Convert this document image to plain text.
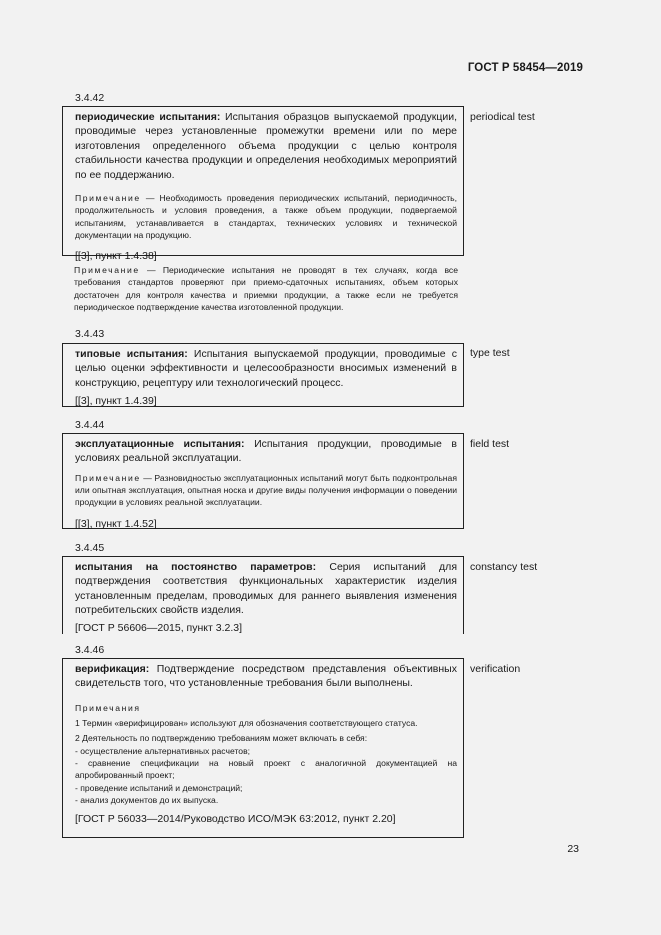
ГОСТ Р 58454—2019
3.4.42
периодические испытания: Испытания образцов выпускаемой продукции, проводимые через установленные промежутки времени или по мере изготовления определенного объема продукции с целью контроля стабильности качества продукции и определения необходимых мероприятий по ее поддержанию.
Примечание — Необходимость проведения периодических испытаний, периодичность, продолжительность и условия проведения, а также объем продукции, подвергаемой испытаниям, устанавливается в стандартах, технических условиях и технической документации на продукцию.
[[3], пункт 1.4.38]
periodical test
Примечание — Периодические испытания не проводят в тех случаях, когда все требования стандартов проверяют при приемо-сдаточных испытаниях, объем которых достаточен для контроля качества и приемки продукции, а также если не требуется периодическое подтверждение качества изготовленной продукции.
3.4.43
типовые испытания: Испытания выпускаемой продукции, проводимые с целью оценки эффективности и целесообразности вносимых изменений в конструкцию, рецептуру или технологический процесс.
[[3], пункт 1.4.39]
type test
3.4.44
эксплуатационные испытания: Испытания продукции, проводимые в условиях реальной эксплуатации.
Примечание — Разновидностью эксплуатационных испытаний могут быть подконтрольная или опытная эксплуатация, опытная носка и другие виды получения информации о поведении продукции в условиях реальной эксплуатации.
[[3], пункт 1.4.52]
field test
3.4.45
испытания на постоянство параметров: Серия испытаний для подтверждения соответствия функциональных характеристик изделия установленным пределам, проводимых для раннего выявления изменения потребительских свойств изделия.
[ГОСТ Р 56606—2015, пункт 3.2.3]
constancy test
3.4.46
верификация: Подтверждение посредством представления объективных свидетельств того, что установленные требования были выполнены.
Примечания
1 Термин «верифицирован» используют для обозначения соответствующего статуса.
2 Деятельность по подтверждению требованиям может включать в себя:
- осуществление альтернативных расчетов;
- сравнение спецификации на новый проект с аналогичной документацией на апробированный проект;
- проведение испытаний и демонстраций;
- анализ документов до их выпуска.
[ГОСТ Р 56033—2014/Руководство ИСО/МЭК 63:2012, пункт 2.20]
verification
23
